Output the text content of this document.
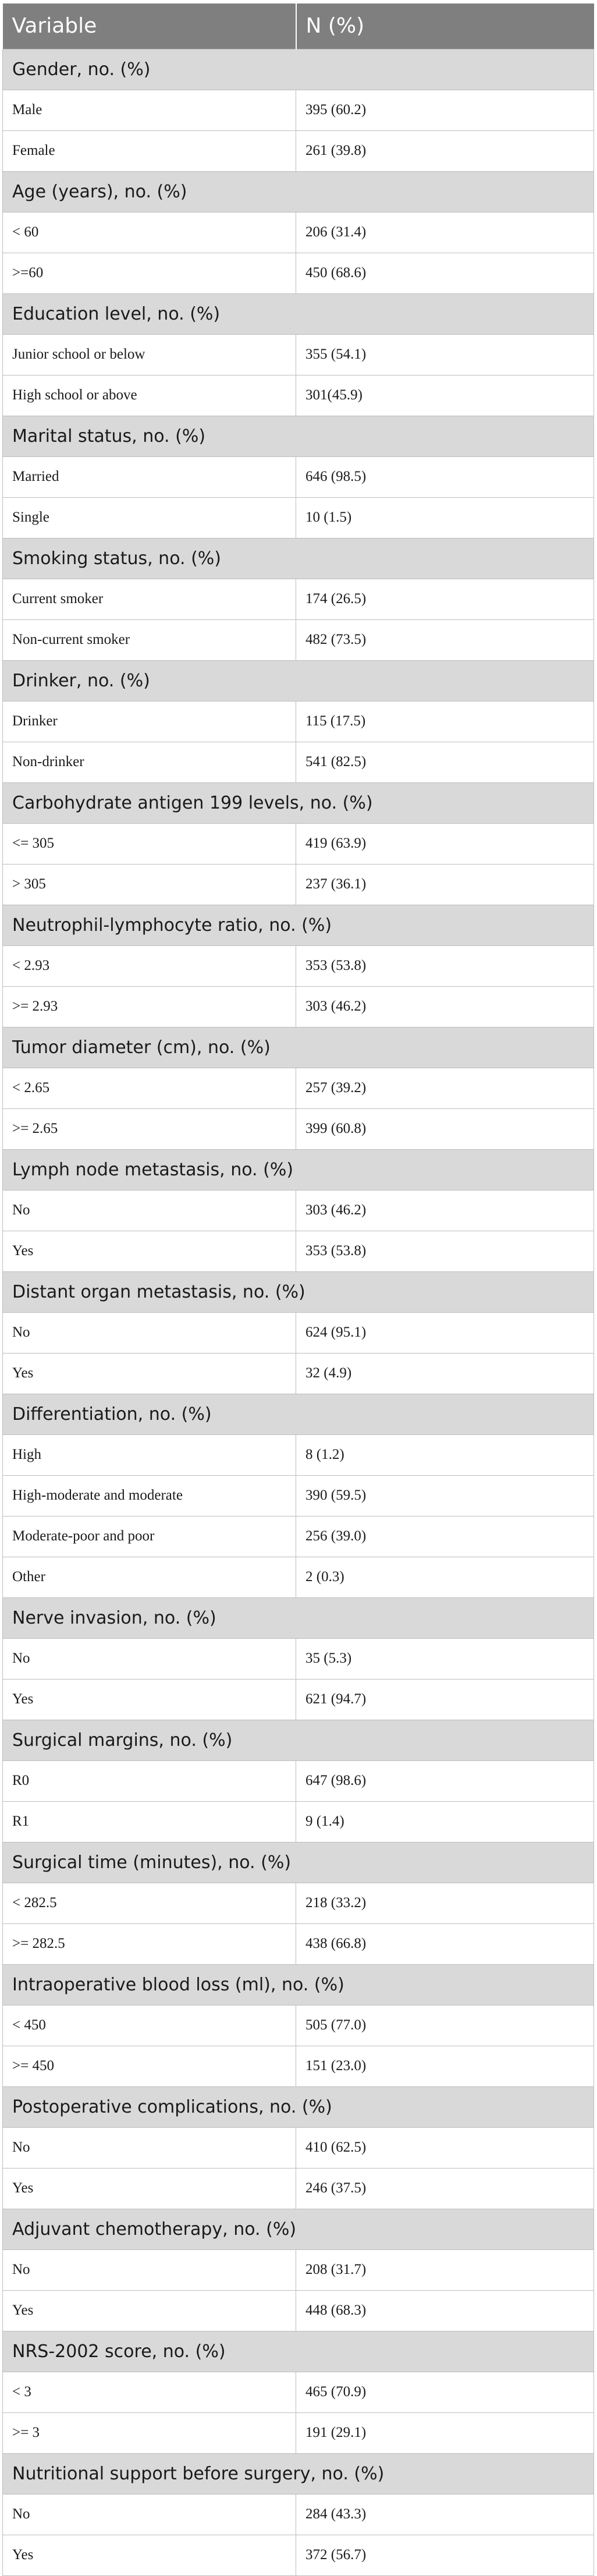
Variable	N (%)
Gender, no. (%)	
Male	395 (60.2)
Female	261 (39.8)
Age (years), no. (%)	
< 60	206 (31.4)
>=60	450 (68.6)
Education level, no. (%)	
Junior school or below	355 (54.1)
High school or above	301(45.9)
Marital status, no. (%)	
Married	646 (98.5)
Single	10 (1.5)
Smoking status, no. (%)	
Current smoker	174 (26.5)
Non-current smoker	482 (73.5)
Drinker, no. (%)	
Drinker	115 (17.5)
Non-drinker	541 (82.5)
Carbohydrate antigen 199 levels, no. (%)	
<= 305	419 (63.9)
> 305	237 (36.1)
Neutrophil-lymphocyte ratio, no. (%)	
< 2.93	353 (53.8)
>= 2.93	303 (46.2)
Tumor diameter (cm), no. (%)	
< 2.65	257 (39.2)
>= 2.65	399 (60.8)
Lymph node metastasis, no. (%)	
No	303 (46.2)
Yes	353 (53.8)
Distant organ metastasis, no. (%)	
No	624 (95.1)
Yes	32 (4.9)
Differentiation, no. (%)	
High	8 (1.2)
High-moderate and moderate	390 (59.5)
Moderate-poor and poor	256 (39.0)
Other	2 (0.3)
Nerve invasion, no. (%)	
No	35 (5.3)
Yes	621 (94.7)
Surgical margins, no. (%)	
R0	647 (98.6)
R1	9 (1.4)
Surgical time (minutes), no. (%)	
< 282.5	218 (33.2)
>= 282.5	438 (66.8)
Intraoperative blood loss (ml), no. (%)	
< 450	505 (77.0)
>= 450	151 (23.0)
Postoperative complications, no. (%)	
No	410 (62.5)
Yes	246 (37.5)
Adjuvant chemotherapy, no. (%)	
No	208 (31.7)
Yes	448 (68.3)
NRS-2002 score, no. (%)	
< 3	465 (70.9)
>= 3	191 (29.1)
Nutritional support before surgery, no. (%)	
No	284 (43.3)
Yes	372 (56.7)
